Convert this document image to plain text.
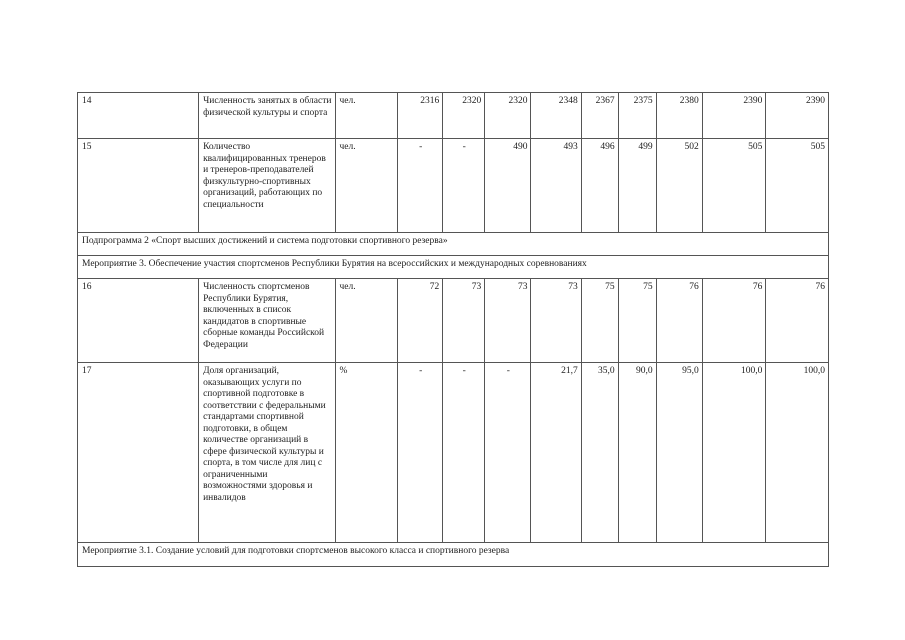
14	Численность занятых в области физической культуры и спорта	чел.	2316	2320	2320	2348	2367	2375	2380	2390	2390
15	Количество квалифицированных тренеров и тренеров-преподавателей физкультурно-спортивных организаций, работающих по специальности	чел.	-	-	490	493	496	499	502	505	505
Подпрограмма 2 «Спорт высших достижений и система подготовки спортивного резерва»											
Мероприятие 3. Обеспечение участия спортсменов Республики Бурятия на всероссийских и международных соревнованиях											
16	Численность спортсменов Республики Бурятия, включенных в список кандидатов в спортивные сборные команды Российской Федерации	чел.	72	73	73	73	75	75	76	76	76
17	Доля организаций, оказывающих услуги по спортивной подготовке в соответствии с федеральными стандартами спортивной подготовки, в общем количестве организаций в сфере физической культуры и спорта, в том числе для лиц с ограниченными возможностями здоровья и инвалидов	%	-	-	-	21,7	35,0	90,0	95,0	100,0	100,0
Мероприятие 3.1. Создание условий для подготовки спортсменов высокого класса и спортивного резерва											
